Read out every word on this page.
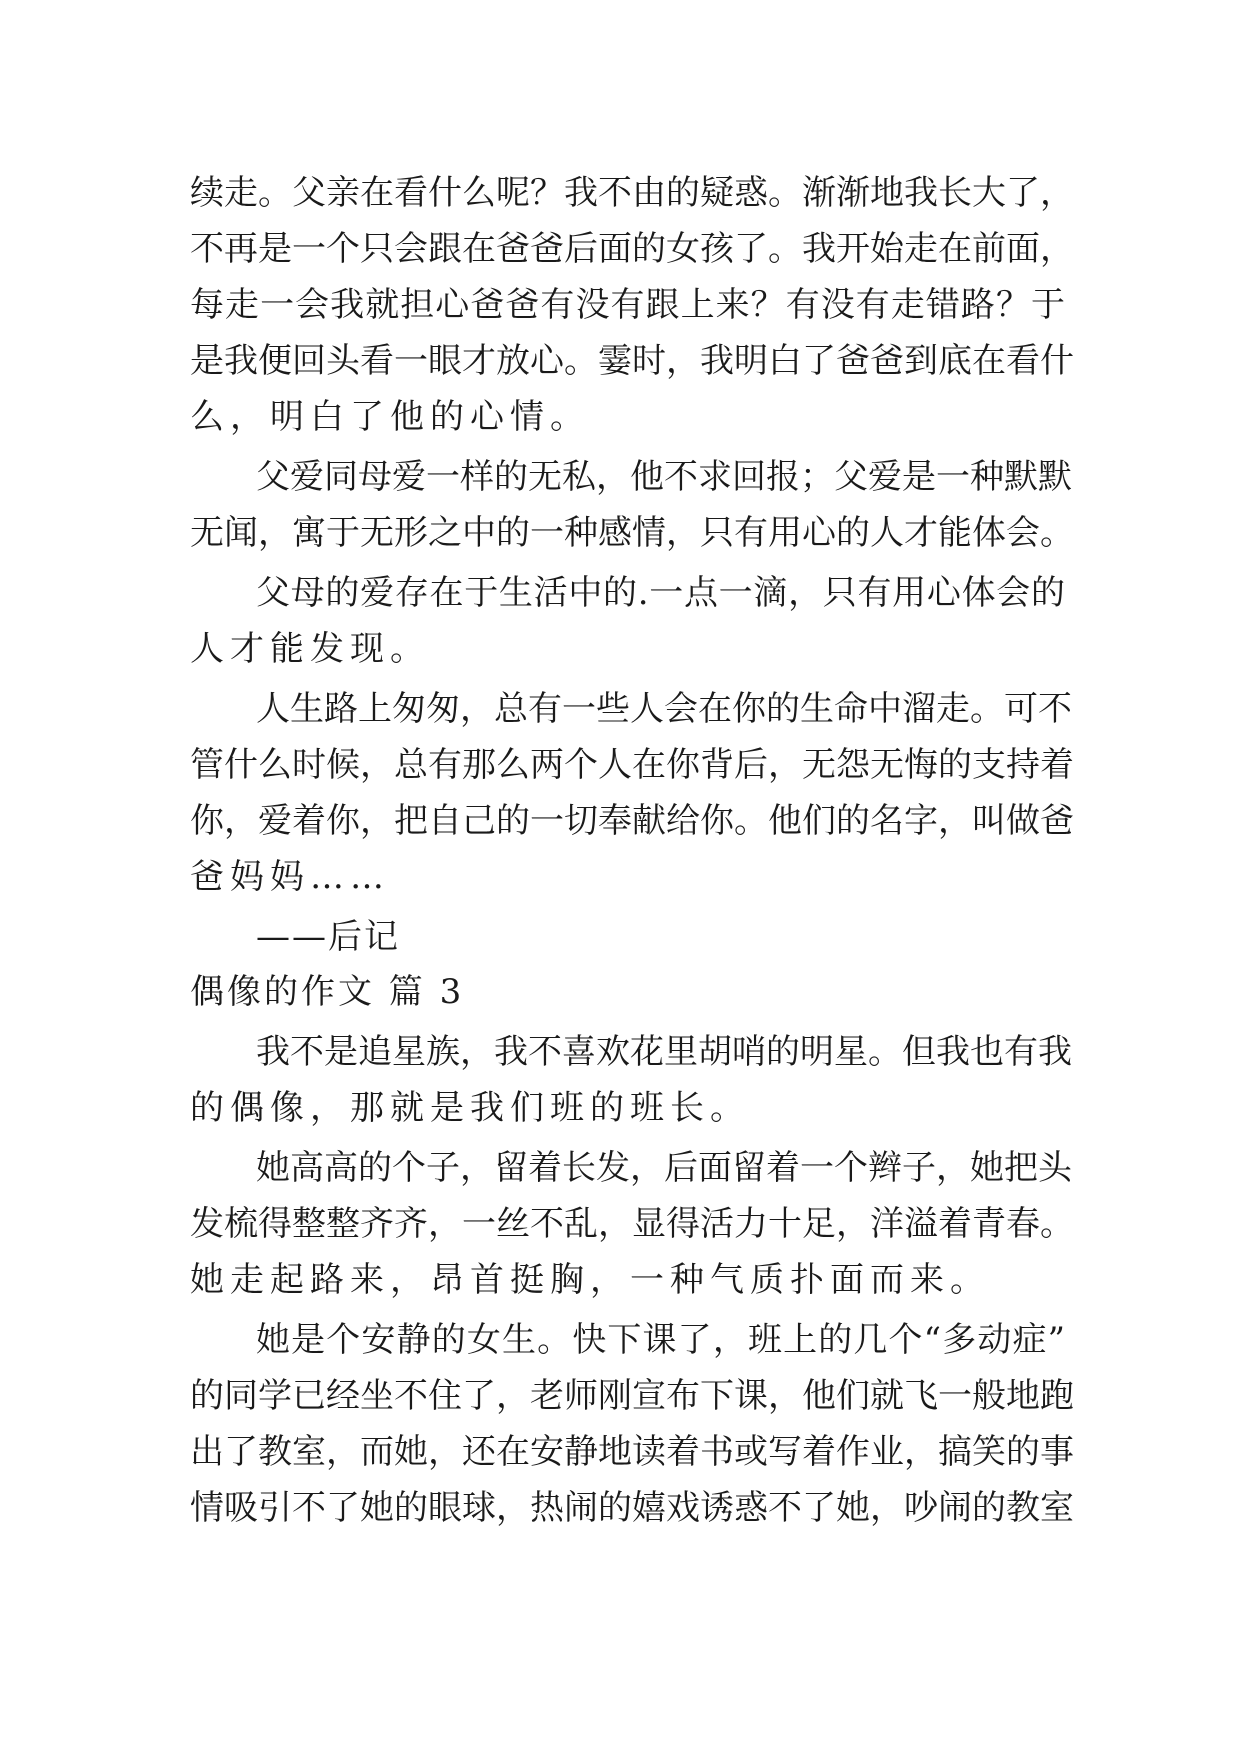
续走。父亲在看什么呢？我不由的疑惑。渐渐地我长大了，
不再是一个只会跟在爸爸后面的女孩了。我开始走在前面，
每走一会我就担心爸爸有没有跟上来？有没有走错路？于
是我便回头看一眼才放心。霎时，我明白了爸爸到底在看什
么，明白了他的心情。
父爱同母爱一样的无私，他不求回报；父爱是一种默默
无闻，寓于无形之中的一种感情，只有用心的人才能体会。
父母的爱存在于生活中的.一点一滴，只有用心体会的
人才能发现。
人生路上匆匆，总有一些人会在你的生命中溜走。可不
管什么时候，总有那么两个人在你背后，无怨无悔的支持着
你，爱着你，把自己的一切奉献给你。他们的名字，叫做爸
爸妈妈……
——后记
偶像的作文 篇 3
我不是追星族，我不喜欢花里胡哨的明星。但我也有我
的偶像，那就是我们班的班长。
她高高的个子，留着长发，后面留着一个辫子，她把头
发梳得整整齐齐，一丝不乱，显得活力十足，洋溢着青春。
她走起路来，昂首挺胸，一种气质扑面而来。
她是个安静的女生。快下课了，班上的几个“多动症”
的同学已经坐不住了，老师刚宣布下课，他们就飞一般地跑
出了教室，而她，还在安静地读着书或写着作业，搞笑的事
情吸引不了她的眼球，热闹的嬉戏诱惑不了她，吵闹的教室
